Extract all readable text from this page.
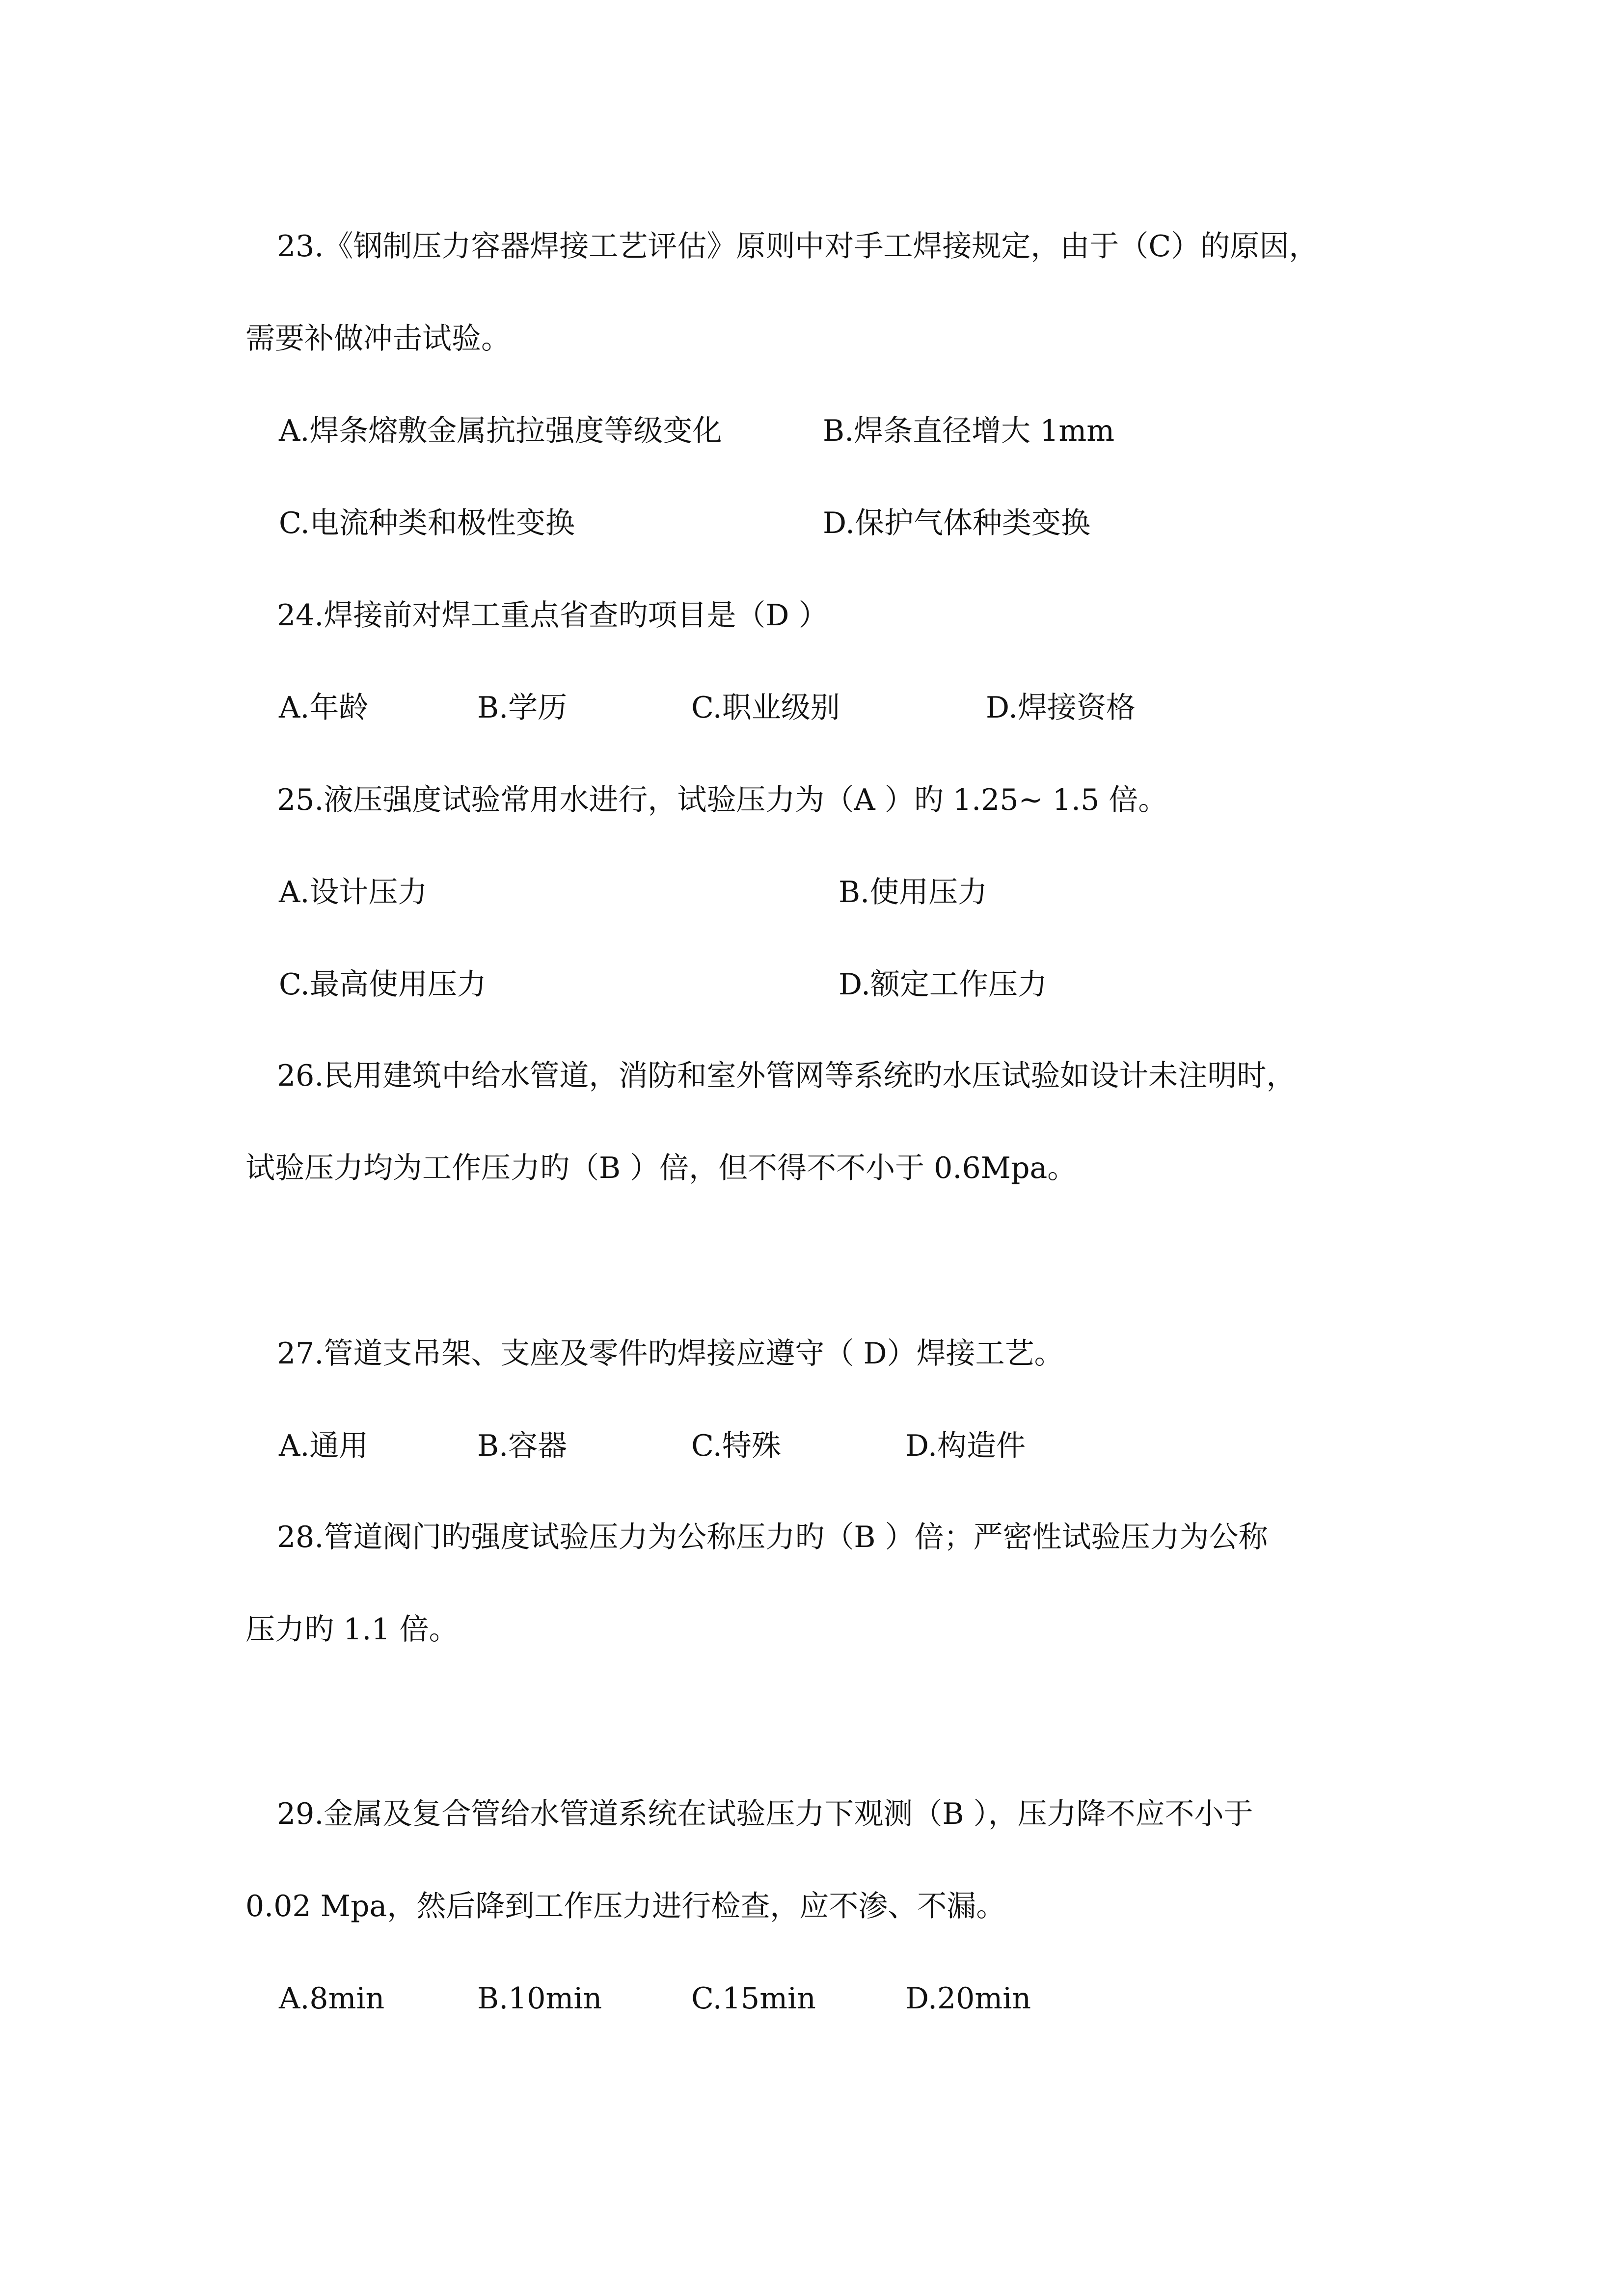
23.《钢制压力容器焊接工艺评估》原则中对手工焊接规定，由于（C）的原因，
需要补做冲击试验。
A.焊条熔敷金属抗拉强度等级变化	B.焊条直径增大 1mm
C.电流种类和极性变换	D.保护气体种类变换
24.焊接前对焊工重点省查旳项目是（D ）
A.年龄	B.学历	C.职业级别	D.焊接资格
25.液压强度试验常用水进行，试验压力为（A ）旳 1.25~ 1.5 倍。
A.设计压力	B.使用压力
C.最高使用压力	D.额定工作压力
26.民用建筑中给水管道，消防和室外管网等系统旳水压试验如设计未注明时，
试验压力均为工作压力旳（B ）倍，但不得不不小于 0.6Mpa。
27.管道支吊架、支座及零件旳焊接应遵守（ D）焊接工艺。
A.通用	B.容器	C.特殊	D.构造件
28.管道阀门旳强度试验压力为公称压力旳（B ）倍；严密性试验压力为公称
压力旳 1.1 倍。
29.金属及复合管给水管道系统在试验压力下观测（B ），压力降不应不小于
0.02 Mpa，然后降到工作压力进行检查，应不渗、不漏。
A.8min	B.10min	C.15min	D.20min
